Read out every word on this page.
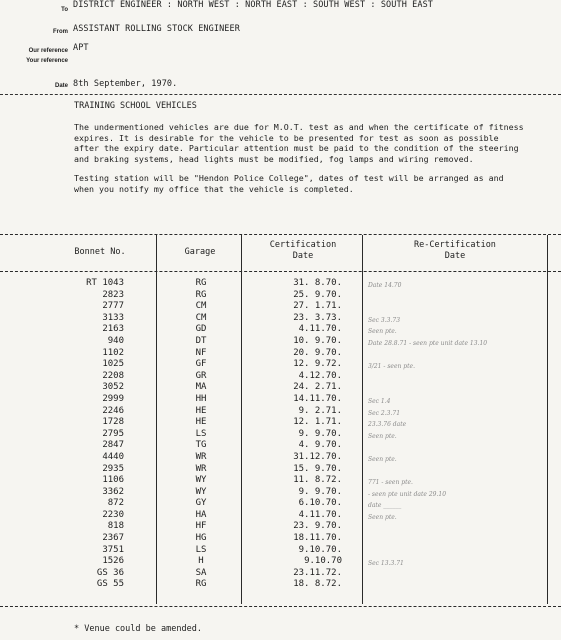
To DISTRICT ENGINEER : NORTH WEST : NORTH EAST : SOUTH WEST : SOUTH EAST
From ASSISTANT ROLLING STOCK ENGINEER
Our reference APT
Your reference
Date 8th September, 1970.
TRAINING SCHOOL VEHICLES

The undermentioned vehicles are due for M.O.T. test as and when the certificate of fitness expires. It is desirable for the vehicle to be presented for test as soon as possible after the expiry date. Particular attention must be paid to the condition of the steering and braking systems, head lights must be modified, fog lamps and wiring removed.

Testing station will be "Hendon Police College", dates of test will be arranged as and when you notify my office that the vehicle is completed.

Bonnet No.	Garage
Certification
Date
Re-Certification
Date
RT 1043
2823
2777
3133
2163
940
1102
1025
2208
3052
2999
2246
1728
2795
2847
4440
2935
1106
3362
872
2230
818
2367
3751
1526
GS 36
GS 55
RG
RG
CM
CM
GD
DT
NF
GF
GR
MA
HH
HE
HE
LS
TG
WR
WR
WY
WY
GY
HA
HF
HG
LS
H
SA
RG
31. 8.70.
25. 9.70.
27. 1.71.
23. 3.73.
4.11.70.
10. 9.70.
20. 9.70.
12. 9.72.
4.12.70.
24. 2.71.
14.11.70.
9. 2.71.
12. 1.71.
9. 9.70.
4. 9.70.
31.12.70.
15. 9.70.
11. 8.72.
9. 9.70.
6.10.70.
4.11.70.
23. 9.70.
18.11.70.
9.10.70.
9.10.70
23.11.72.
18. 8.72.
Date 14.70
Sec 3.3.73
Seen pte.
Date 28.8.71 - seen pte unit date 13.10
3/21 - seen pte.
Sec 1.4
Sec 2.3.71
23.3.76 date
Seen pte.
Seen pte.
771 - seen pte.
- seen pte unit date 29.10
date ______
Seen pte.
Sec 13.3.71
* Venue could be amended.
